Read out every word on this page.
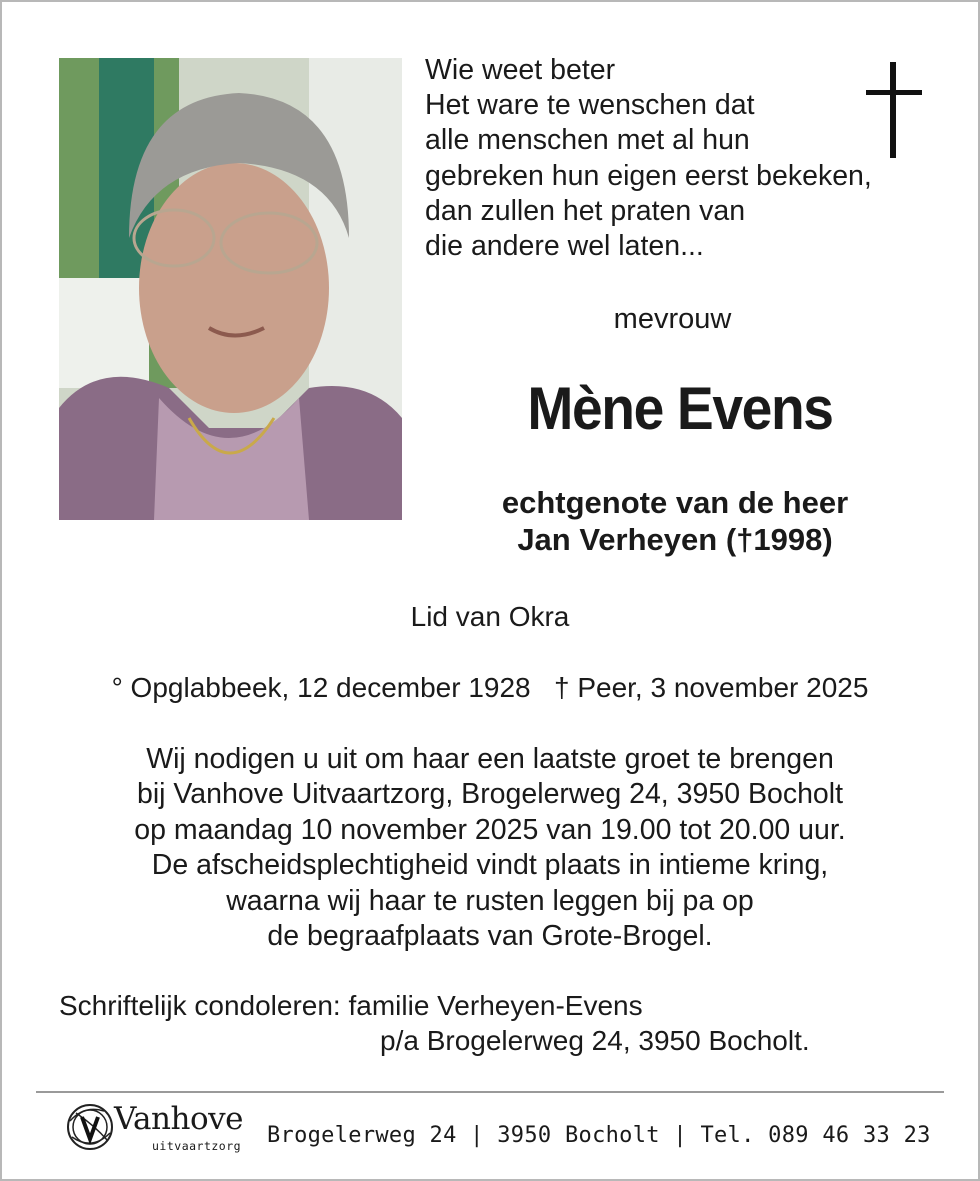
Wie weet beter
Het ware te wenschen dat
alle menschen met al hun
gebreken hun eigen eerst bekeken,
dan zullen het praten van
die andere wel laten...
mevrouw
Mène Evens
echtgenote van de heer
Jan Verheyen (†1998)
Lid van Okra
° Opglabbeek, 12 december 1928 † Peer, 3 november 2025
Wij nodigen u uit om haar een laatste groet te brengen
bij Vanhove Uitvaartzorg, Brogelerweg 24, 3950 Bocholt
op maandag 10 november 2025 van 19.00 tot 20.00 uur.
De afscheidsplechtigheid vindt plaats in intieme kring,
waarna wij haar te rusten leggen bij pa op
de begraafplaats van Grote-Brogel.
Schriftelijk condoleren: familie Verheyen-Evens
p/a Brogelerweg 24, 3950 Bocholt.
Vanhove
uitvaartzorg Brogelerweg 24 | 3950 Bocholt | Tel. 089 46 33 23
